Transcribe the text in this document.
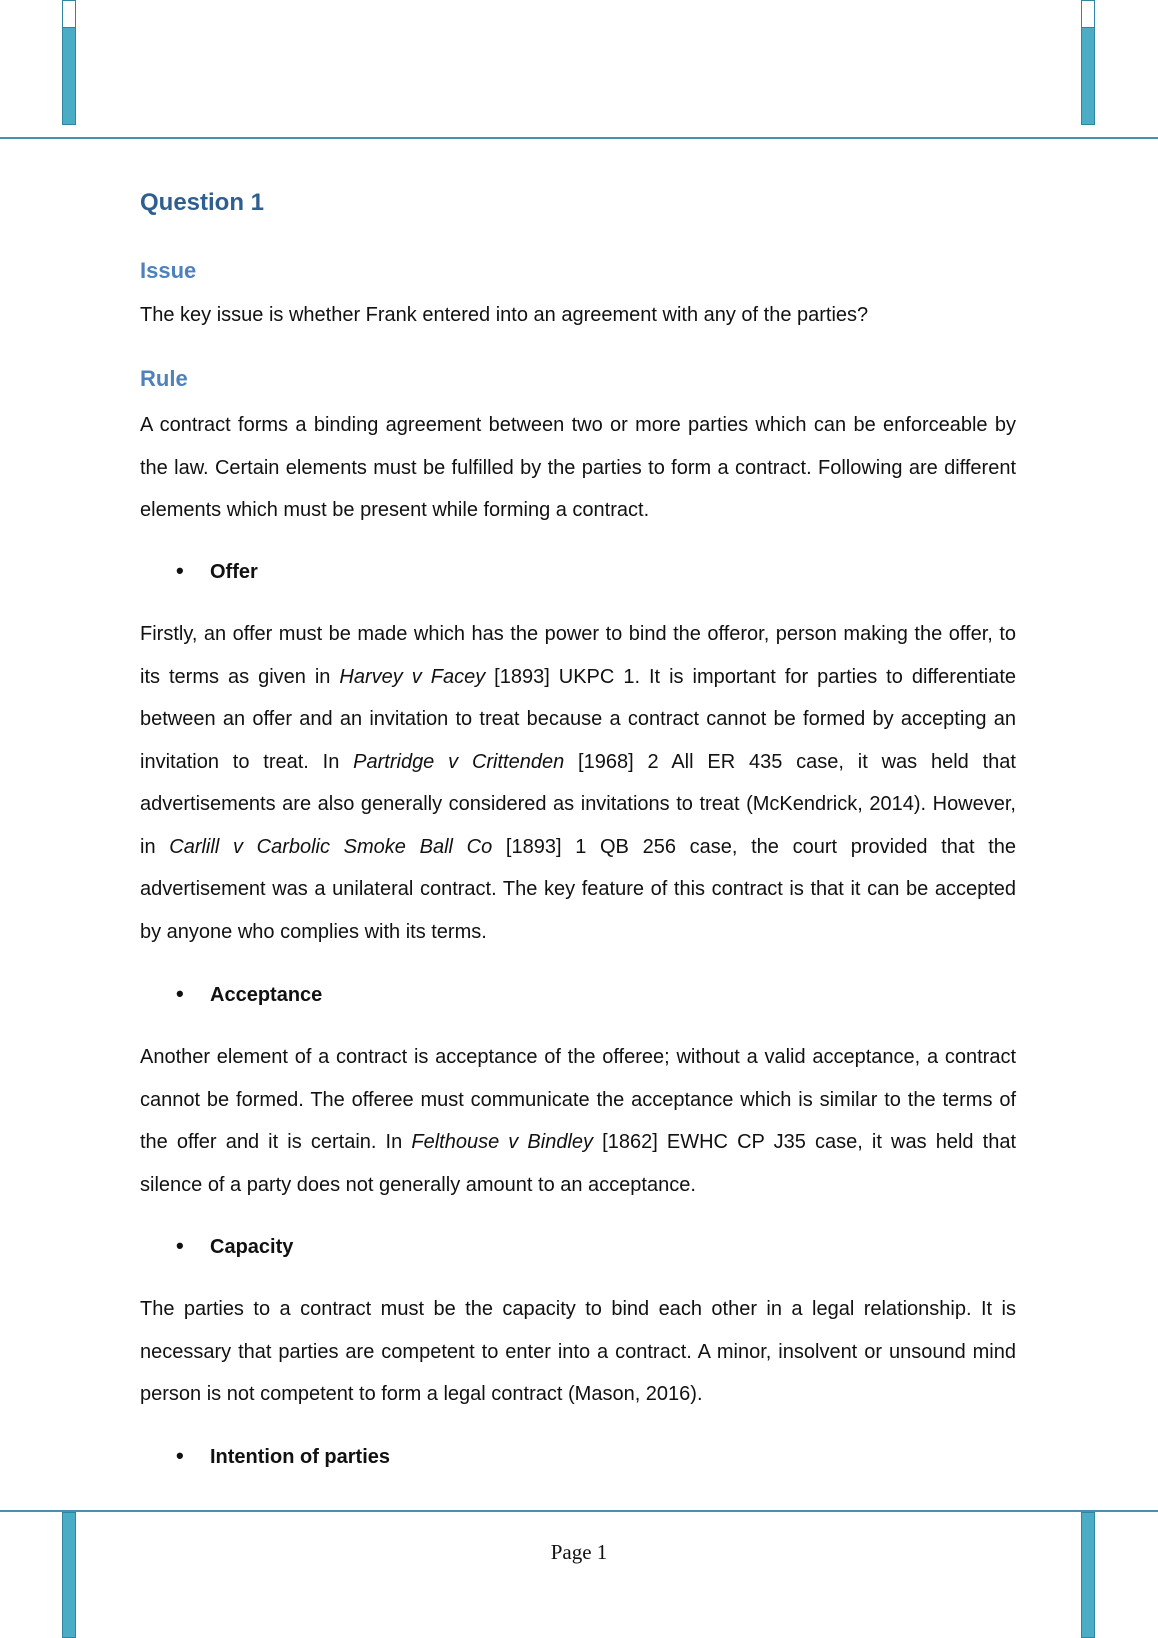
Question 1
Issue

The key issue is whether Frank entered into an agreement with any of the parties?

Rule

A contract forms a binding agreement between two or more parties which can be enforceable by the law. Certain elements must be fulfilled by the parties to form a contract. Following are different elements which must be present while forming a contract.

• Offer

Firstly, an offer must be made which has the power to bind the offeror, person making the offer, to its terms as given in Harvey v Facey [1893] UKPC 1. It is important for parties to differentiate between an offer and an invitation to treat because a contract cannot be formed by accepting an invitation to treat. In Partridge v Crittenden [1968] 2 All ER 435 case, it was held that advertisements are also generally considered as invitations to treat (McKendrick, 2014). However, in Carlill v Carbolic Smoke Ball Co [1893] 1 QB 256 case, the court provided that the advertisement was a unilateral contract. The key feature of this contract is that it can be accepted by anyone who complies with its terms.

• Acceptance

Another element of a contract is acceptance of the offeree; without a valid acceptance, a contract cannot be formed. The offeree must communicate the acceptance which is similar to the terms of the offer and it is certain. In Felthouse v Bindley [1862] EWHC CP J35 case, it was held that silence of a party does not generally amount to an acceptance.

• Capacity

The parties to a contract must be the capacity to bind each other in a legal relationship. It is necessary that parties are competent to enter into a contract. A minor, insolvent or unsound mind person is not competent to form a legal contract (Mason, 2016).

• Intention of parties
Page 1
